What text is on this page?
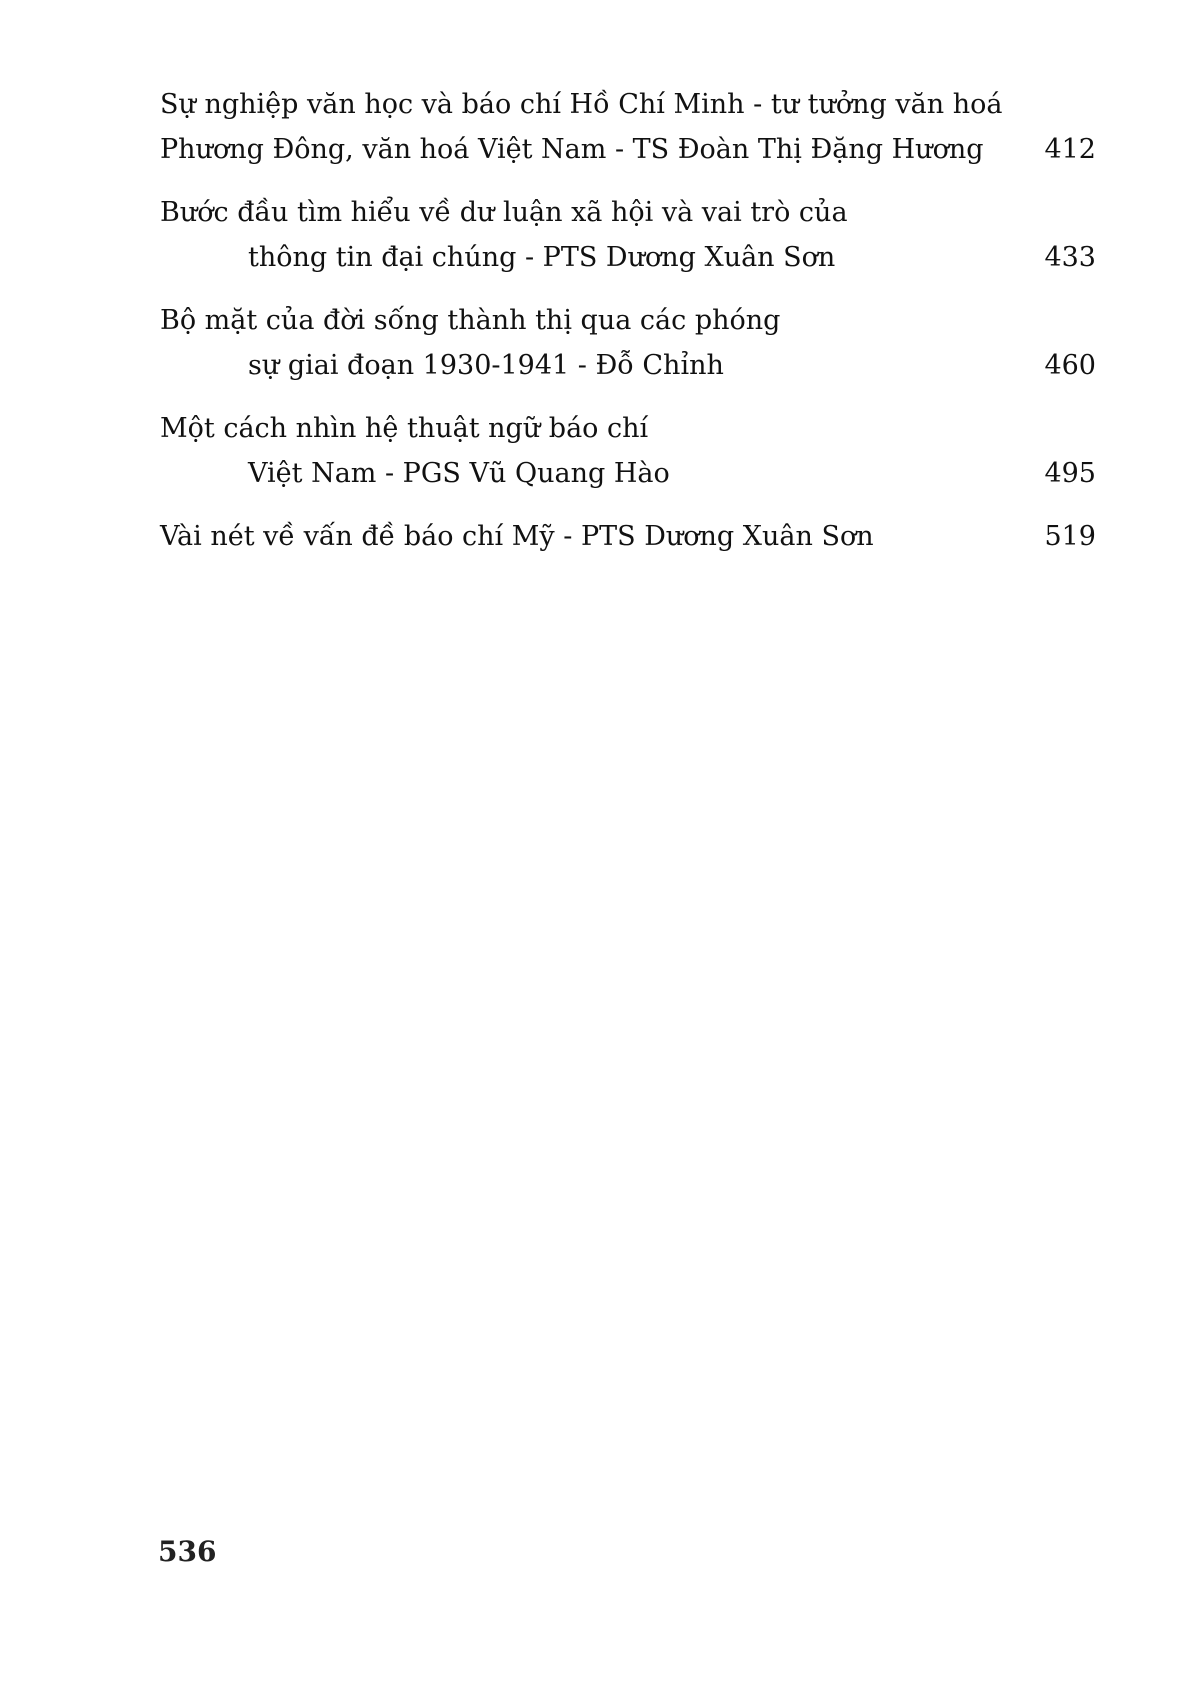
Sự nghiệp văn học và báo chí Hồ Chí Minh - tư tưởng văn hoá
Phương Đông, văn hoá Việt Nam - TS Đoàn Thị Đặng Hương	412
Bước đầu tìm hiểu về dư luận xã hội và vai trò của
thông tin đại chúng - PTS Dương Xuân Sơn	433
Bộ mặt của đời sống thành thị qua các phóng
sự giai đoạn 1930-1941 - Đỗ Chỉnh	460
Một cách nhìn hệ thuật ngữ báo chí
Việt Nam - PGS Vũ Quang Hào	495
Vài nét về vấn đề báo chí Mỹ - PTS Dương Xuân Sơn	519
536
